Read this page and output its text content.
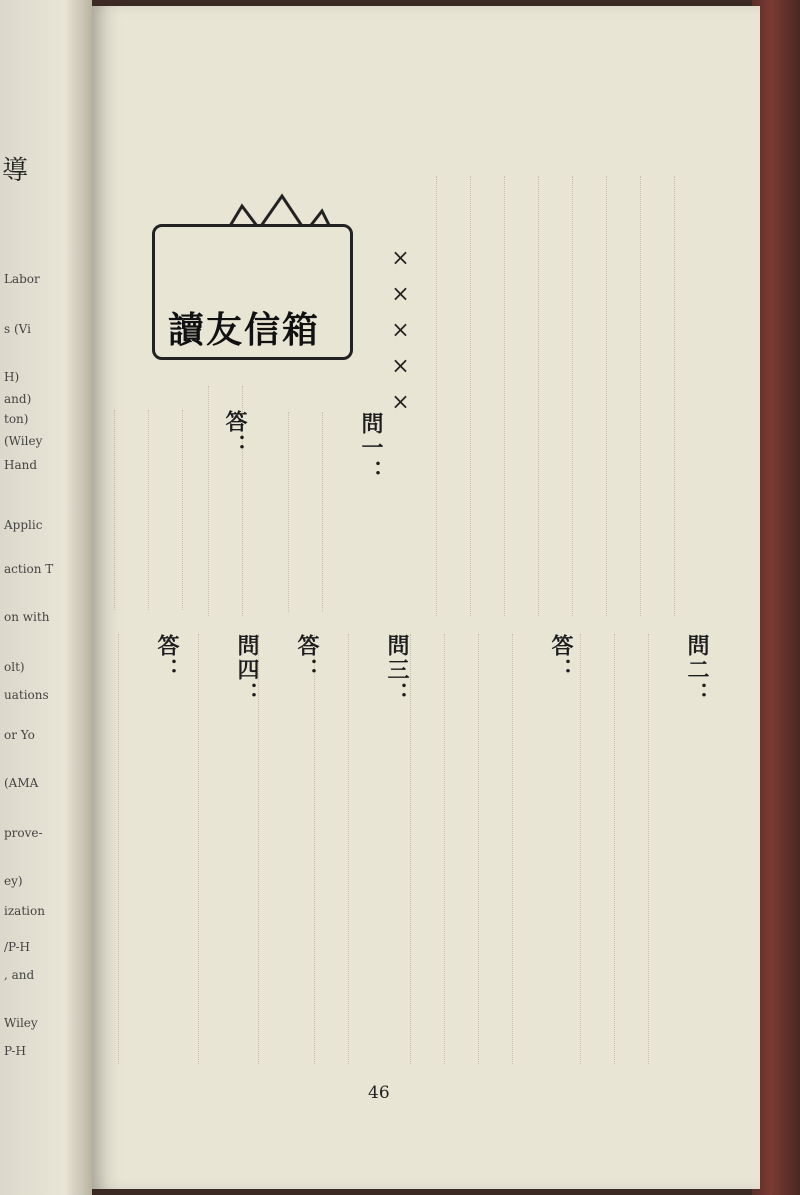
導
Labor
s (Vi
H)
and)
ton)
(Wiley
Hand
Applic
action T
on with
olt)
uations
or Yo
(AMA
prove-
ey)
ization
/P-H
, and
Wiley
P-H
× × × × ×
讀友信箱
問一：
答：
問二：
答：
問三：
答：
問四：
答：
46
